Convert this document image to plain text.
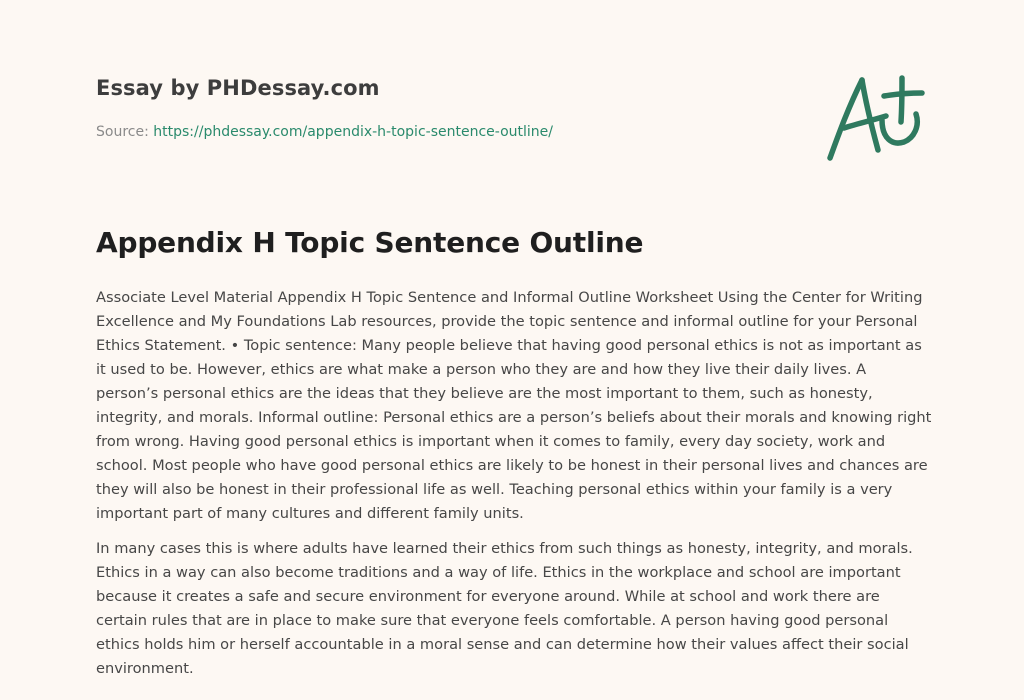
Essay by PHDessay.com
Source: https://phdessay.com/appendix-h-topic-sentence-outline/
Appendix H Topic Sentence Outline

Associate Level Material Appendix H Topic Sentence and Informal Outline Worksheet Using the Center for Writing Excellence and My Foundations Lab resources, provide the topic sentence and informal outline for your Personal Ethics Statement. • Topic sentence: Many people believe that having good personal ethics is not as important as it used to be. However, ethics are what make a person who they are and how they live their daily lives. A person’s personal ethics are the ideas that they believe are the most important to them, such as honesty, integrity, and morals. Informal outline: Personal ethics are a person’s beliefs about their morals and knowing right from wrong. Having good personal ethics is important when it comes to family, every day society, work and school. Most people who have good personal ethics are likely to be honest in their personal lives and chances are they will also be honest in their professional life as well. Teaching personal ethics within your family is a very important part of many cultures and different family units.

In many cases this is where adults have learned their ethics from such things as honesty, integrity, and morals. Ethics in a way can also become traditions and a way of life. Ethics in the workplace and school are important because it creates a safe and secure environment for everyone around. While at school and work there are certain rules that are in place to make sure that everyone feels comfortable. A person having good personal ethics holds him or herself accountable in a moral sense and can determine how their values affect their social environment.
